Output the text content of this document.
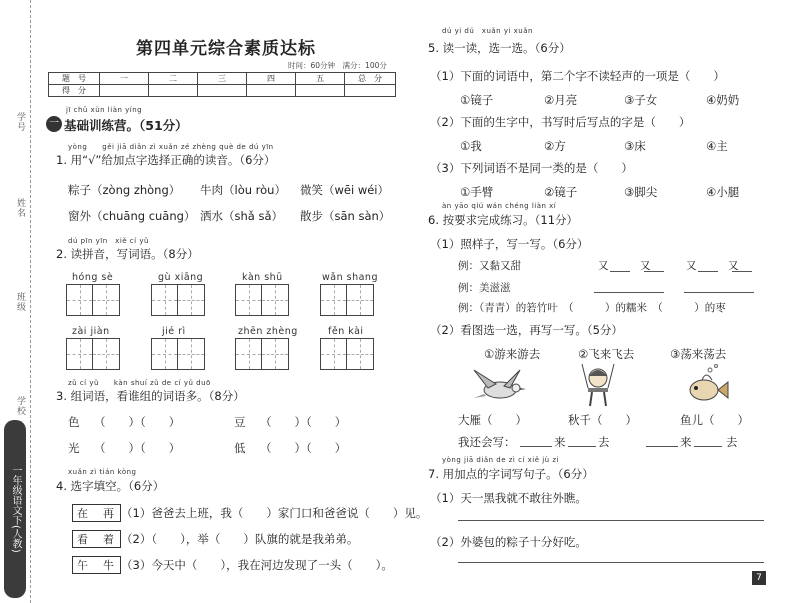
学号
姓名
班级
学校
一年级语文下(人教)
第四单元综合素质达标
时间：60分钟　满分：100分
题　号	一	二	三	四	五	总　分
得　分						
jī chǔ xùn liàn yíng
一 基础训练营。（51分）
yòng　　gěi jiā diǎn zì xuǎn zé zhèng què de dú yīn
1. 用“√”给加点字选择正确的读音。（6分）
粽子（zòng zhòng） 牛肉（lòu ròu） 微笑（wēi wéi）
窗外（chuāng cuāng） 洒水（shǎ sǎ） 散步（sān sàn）
dú pīn yīn　xiě cí yǔ
2. 读拼音，写词语。（8分）
hóng sè	gù xiāng	kàn shū	wǎn shang
zài jiàn	jié rì	zhēn zhèng	fěn kài
zǔ cí yǔ　　kàn shuí zǔ de cí yǔ duō
3. 组词语，看谁组的词语多。（8分）
色 （　　）（　　）	豆 （　　）（　　）
光 （　　）（　　）	低 （　　）（　　）
xuǎn zì tián kòng
4. 选字填空。（6分）
在　再 （1）爸爸去上班，我（　　）家门口和爸爸说（　　）见。
看　着 （2）（　　），举（　　）队旗的就是我弟弟。
午　牛 （3）今天中（　　），我在河边发现了一头（　　）。
dú yi dú　xuǎn yi xuǎn
5. 读一读，选一选。（6分）
（1）下面的词语中，第二个字不读轻声的一项是（　　）
①镜子	②月亮	③子女	④奶奶
（2）下面的生字中，书写时后写点的字是（　　）
①我	②方	③床	④主
（3）下列词语不是同一类的是（　　）
①手臂	②镜子	③脚尖	④小腿
àn yāo qiú wán chéng liàn xí
6. 按要求完成练习。（11分）
（1）照样子，写一写。（6分）
例：又黏又甜	又　　　又	又　　　又
例：美滋滋
例：（青青）的箬竹叶　（　　　）的糯米　（　　　）的枣
（2）看图选一选，再写一写。（5分）
①游来游去	②飞来飞去	③荡来荡去
大雁（　　）	秋千（　　）	鱼儿（　　）
我还会写：	来	去	来	去
yòng jiā diǎn de zì cí xiě jù zi
7. 用加点的字词写句子。（6分）
（1）天一黑我就不敢往外瞧。
（2）外婆包的粽子十分好吃。
7
